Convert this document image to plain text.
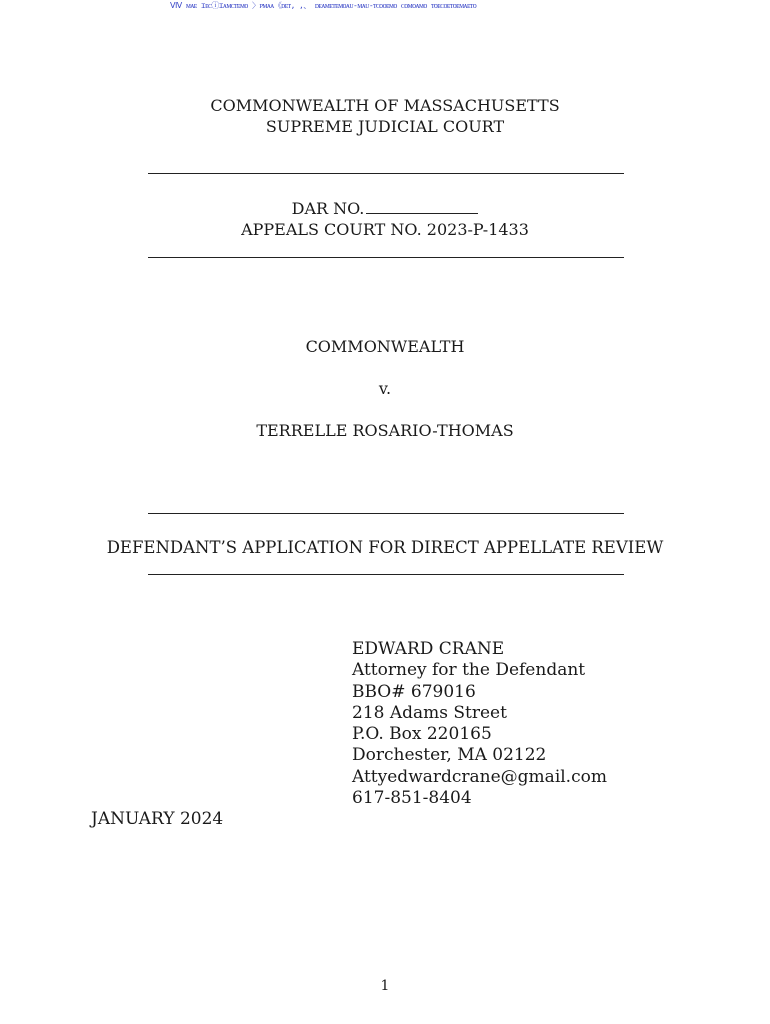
ⅥⅤ ᴍᴀᴇ ɪᴇᴄⓘɪᴀᴍᴄᴛᴇᴍᴏ 〉ᴘᴍᴀᴀ《ᴅᴇᴛ, ,、 ᴅᴇᴀᴍᴇᴛᴇᴍᴏᴀᴜ-ᴍᴀᴜ-ᴛᴄᴏᴏᴇᴍᴏ ᴄᴏᴍᴏᴀᴍᴏ ᴛᴏᴇᴄᴏᴇᴛᴏᴇᴍᴀᴇᴛᴏ
COMMONWEALTH OF MASSACHUSETTS
SUPREME JUDICIAL COURT
DAR NO.
APPEALS COURT NO. 2023-P-1433
COMMONWEALTH
v.
TERRELLE ROSARIO-THOMAS
DEFENDANT’S APPLICATION FOR DIRECT APPELLATE REVIEW
EDWARD CRANE
Attorney for the Defendant
BBO# 679016
218 Adams Street
P.O. Box 220165
Dorchester, MA 02122
Attyedwardcrane@gmail.com
617-851-8404
JANUARY 2024
1
